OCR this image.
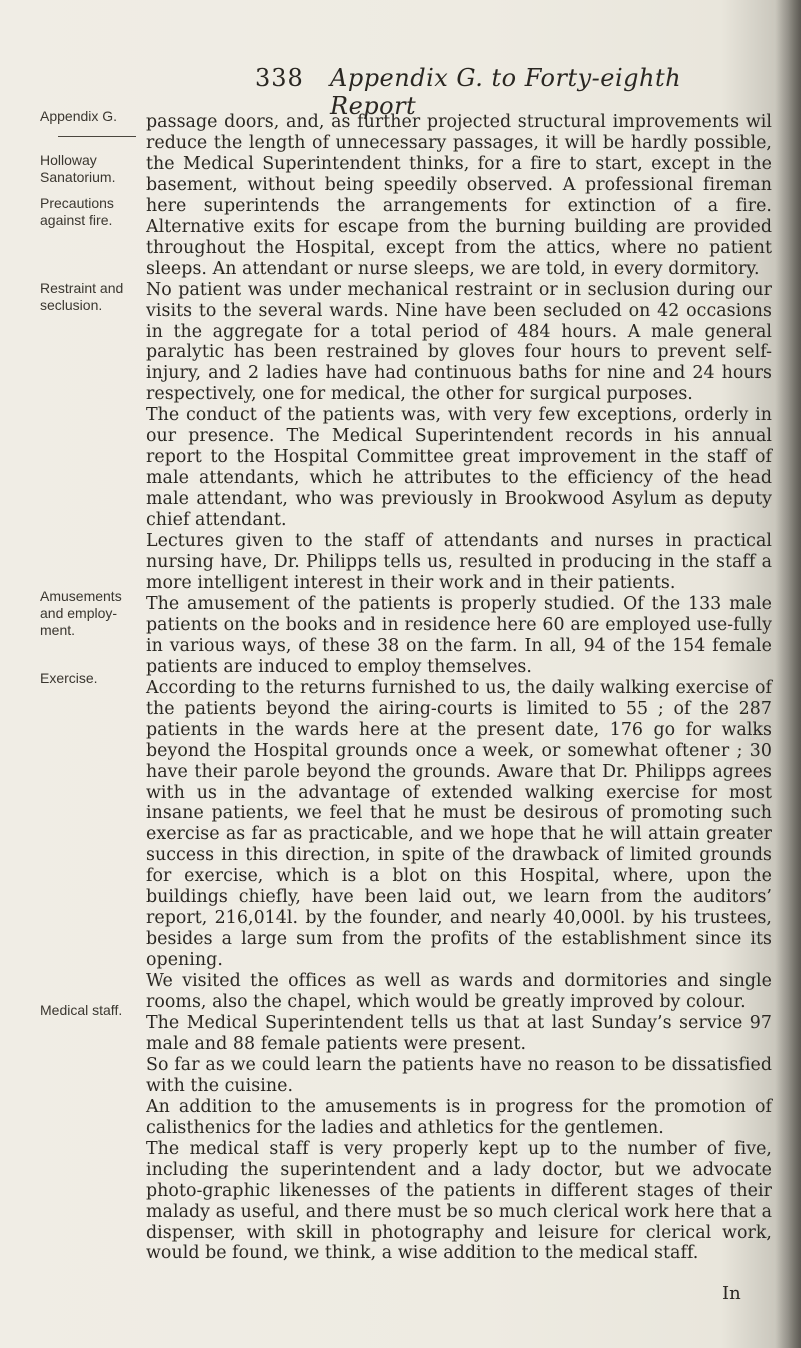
338 Appendix G. to Forty-eighth Report
Appendix G.
Holloway Sanatorium.
Precautions against fire.
Restraint and seclusion.
Amusements and employ-ment.
Exercise.
Medical staff.

passage doors, and, as further projected structural improvements wil reduce the length of unnecessary passages, it will be hardly possible, the Medical Superintendent thinks, for a fire to start, except in the basement, without being speedily observed. A professional fireman here superintends the arrangements for extinction of a fire. Alternative exits for escape from the burning building are provided throughout the Hospital, except from the attics, where no patient sleeps. An attendant or nurse sleeps, we are told, in every dormitory.

No patient was under mechanical restraint or in seclusion during our visits to the several wards. Nine have been secluded on 42 occasions in the aggregate for a total period of 484 hours. A male general paralytic has been restrained by gloves four hours to prevent self-injury, and 2 ladies have had continuous baths for nine and 24 hours respectively, one for medical, the other for surgical purposes.

The conduct of the patients was, with very few exceptions, orderly in our presence. The Medical Superintendent records in his annual report to the Hospital Committee great improvement in the staff of male attendants, which he attributes to the efficiency of the head male attendant, who was previously in Brookwood Asylum as deputy chief attendant.

Lectures given to the staff of attendants and nurses in practical nursing have, Dr. Philipps tells us, resulted in producing in the staff a more intelligent interest in their work and in their patients.

The amusement of the patients is properly studied. Of the 133 male patients on the books and in residence here 60 are employed use-fully in various ways, of these 38 on the farm. In all, 94 of the 154 female patients are induced to employ themselves.

According to the returns furnished to us, the daily walking exercise of the patients beyond the airing-courts is limited to 55 ; of the 287 patients in the wards here at the present date, 176 go for walks beyond the Hospital grounds once a week, or somewhat oftener ; 30 have their parole beyond the grounds. Aware that Dr. Philipps agrees with us in the advantage of extended walking exercise for most insane patients, we feel that he must be desirous of promoting such exercise as far as practicable, and we hope that he will attain greater success in this direction, in spite of the drawback of limited grounds for exercise, which is a blot on this Hospital, where, upon the buildings chiefly, have been laid out, we learn from the auditors’ report, 216,014l. by the founder, and nearly 40,000l. by his trustees, besides a large sum from the profits of the establishment since its opening.

We visited the offices as well as wards and dormitories and single rooms, also the chapel, which would be greatly improved by colour.

The Medical Superintendent tells us that at last Sunday’s service 97 male and 88 female patients were present.

So far as we could learn the patients have no reason to be dissatisfied with the cuisine.

An addition to the amusements is in progress for the promotion of calisthenics for the ladies and athletics for the gentlemen.

The medical staff is very properly kept up to the number of five, including the superintendent and a lady doctor, but we advocate photo-graphic likenesses of the patients in different stages of their malady as useful, and there must be so much clerical work here that a dispenser, with skill in photography and leisure for clerical work, would be found, we think, a wise addition to the medical staff.

In
